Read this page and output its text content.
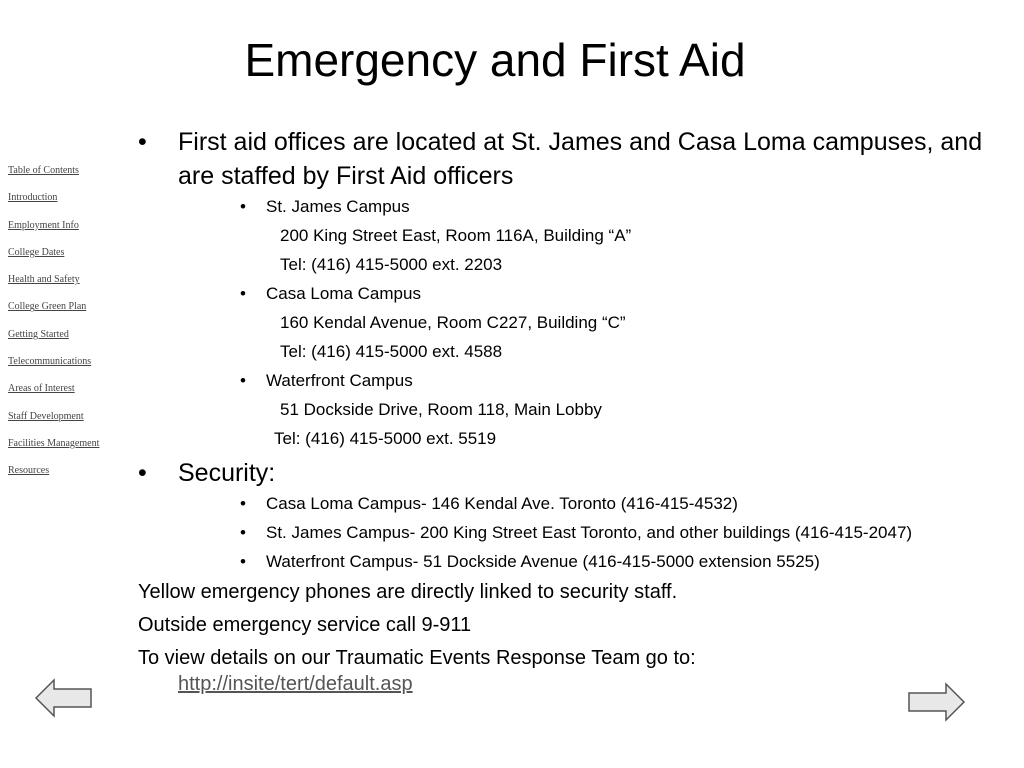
Emergency and First Aid
Table of Contents
Introduction
Employment Info
College Dates
Health and Safety
College Green Plan
Getting Started
Telecommunications
Areas of Interest
Staff Development
Facilities Management
Resources
• First aid offices are located at St. James and Casa Loma campuses, and are staffed by First Aid officers
• St. James Campus
200 King Street East, Room 116A, Building “A”
Tel: (416) 415-5000 ext. 2203
• Casa Loma Campus
160 Kendal Avenue, Room C227, Building “C”
Tel: (416) 415-5000 ext. 4588
• Waterfront Campus
51 Dockside Drive, Room 118, Main Lobby
Tel: (416) 415-5000 ext. 5519
• Security:
• Casa Loma Campus- 146 Kendal Ave. Toronto (416-415-4532)
• St. James Campus- 200 King Street East Toronto, and other buildings (416-415-2047)
• Waterfront Campus- 51 Dockside Avenue (416-415-5000 extension 5525)
Yellow emergency phones are directly linked to security staff.
Outside emergency service call 9-911
To view details on our Traumatic Events Response Team go to:
http://insite/tert/default.asp
